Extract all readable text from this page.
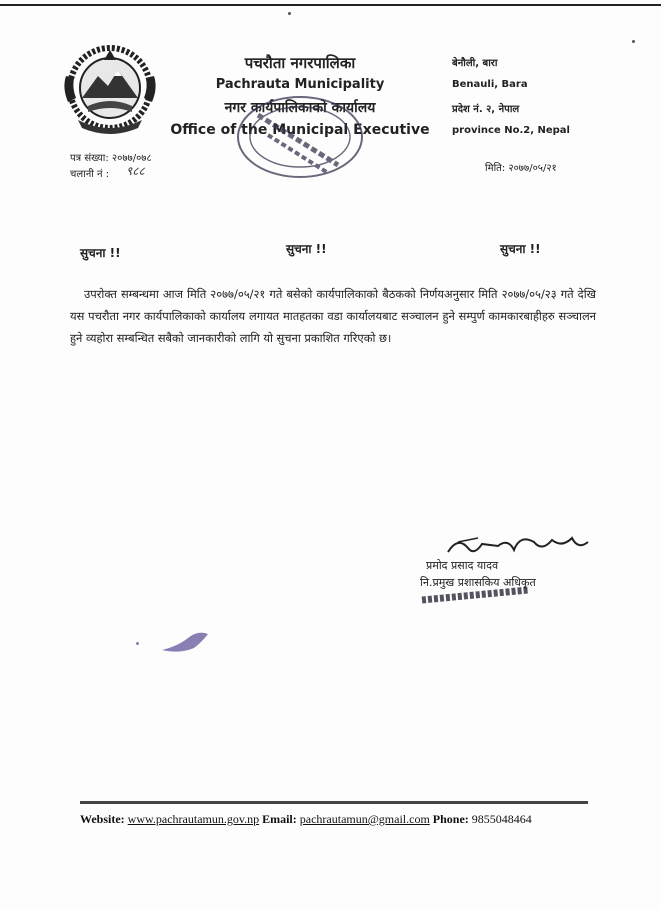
पचरौता नगरपालिका
Pachrauta Municipality
नगर कार्यपालिकाको कार्यालय
Office of the Municipal Executive
बेनौली, बारा
Benauli, Bara
प्रदेश नं. २, नेपाल
province No.2, Nepal
पत्र संख्या: २०७७/०७८
चलानी नं : ९८८	मिति: २०७७/०५/२१
सुचना !!	सुचना !!	सुचना !!
उपरोक्त सम्बन्धमा आज मिति २०७७/०५/२१ गते बसेको कार्यपालिकाको बैठकको निर्णयअनुसार मिति २०७७/०५/२३ गते देखि यस पचरौता नगर कार्यपालिकाको कार्यालय लगायत मातहतका वडा कार्यालयबाट सञ्चालन हुने सम्पुर्ण कामकारबाहीहरु सञ्चालन हुने व्यहोरा सम्बन्धित सबैको जानकारीको लागि यो सुचना प्रकाशित गरिएको छ।
प्रमोद प्रसाद यादव
नि.प्रमुख प्रशासकिय अधिकृत
Website: www.pachrautamun.gov.np Email: pachrautamun@gmail.com Phone: 9855048464
